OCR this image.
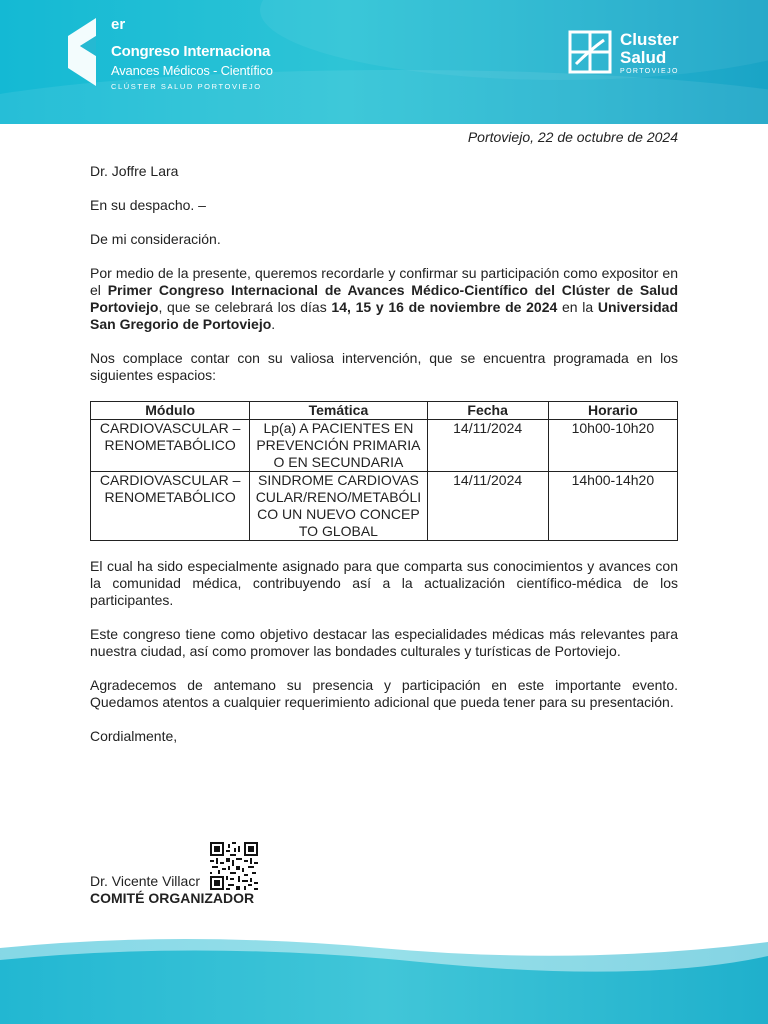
er
Congreso Internaciona
Avances Médicos - Científico
CLÚSTER SALUD PORTOVIEJO
Cluster
Salud
PORTOVIEJO

Portoviejo, 22 de octubre de 2024

Dr. Joffre Lara

En su despacho. –

De mi consideración.

Por medio de la presente, queremos recordarle y confirmar su participación como expositor en el Primer Congreso Internacional de Avances Médico-Científico del Clúster de Salud Portoviejo, que se celebrará los días 14, 15 y 16 de noviembre de 2024 en la Universidad San Gregorio de Portoviejo.

Nos complace contar con su valiosa intervención, que se encuentra programada en los siguientes espacios:

Módulo	Temática	Fecha	Horario
CARDIOVASCULAR – RENOMETABÓLICO	Lp(a) A PACIENTES EN PREVENCIÓN PRIMARIA O EN SECUNDARIA	14/11/2024	10h00-10h20
CARDIOVASCULAR – RENOMETABÓLICO	SINDROME CARDIOVASCULAR/RENO/METABÓLICO UN NUEVO CONCEPTO GLOBAL	14/11/2024	14h00-14h20

El cual ha sido especialmente asignado para que comparta sus conocimientos y avances con la comunidad médica, contribuyendo así a la actualización científico-médica de los participantes.

Este congreso tiene como objetivo destacar las especialidades médicas más relevantes para nuestra ciudad, así como promover las bondades culturales y turísticas de Portoviejo.

Agradecemos de antemano su presencia y participación en este importante evento. Quedamos atentos a cualquier requerimiento adicional que pueda tener para su presentación.

Cordialmente,

Dr. Vicente Villacr
COMITÉ ORGANIZADOR
